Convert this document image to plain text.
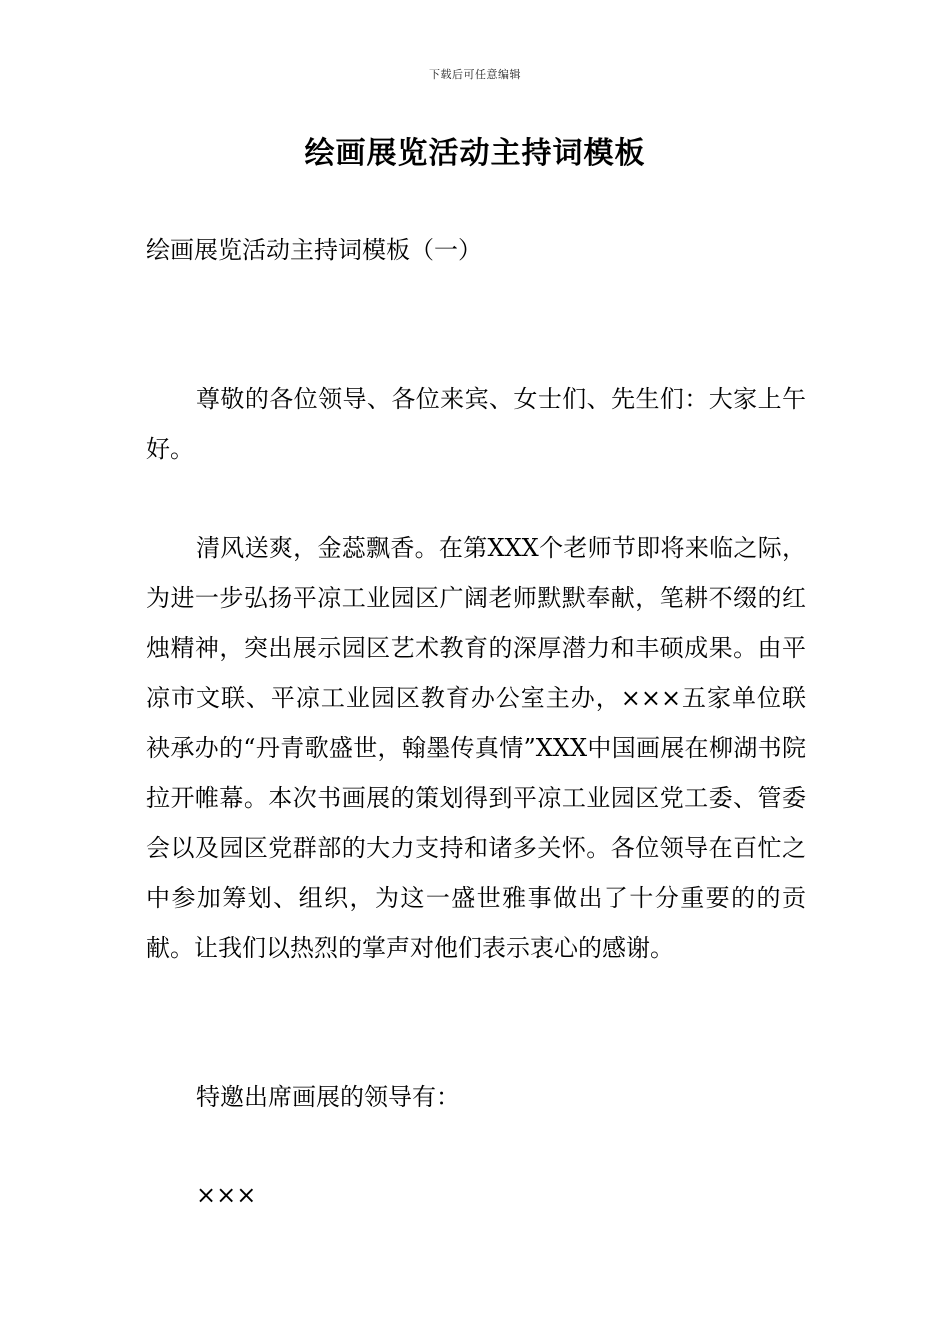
下载后可任意编辑
绘画展览活动主持词模板
绘画展览活动主持词模板（一）
尊敬的各位领导、各位来宾、女士们、先生们：大家上午好。
清风送爽，金蕊飘香。在第XXX个老师节即将来临之际，为进一步弘扬平凉工业园区广阔老师默默奉献，笔耕不缀的红烛精神，突出展示园区艺术教育的深厚潜力和丰硕成果。由平凉市文联、平凉工业园区教育办公室主办，×××五家单位联袂承办的“丹青歌盛世，翰墨传真情”XXX中国画展在柳湖书院拉开帷幕。本次书画展的策划得到平凉工业园区党工委、管委会以及园区党群部的大力支持和诸多关怀。各位领导在百忙之中参加筹划、组织，为这一盛世雅事做出了十分重要的的贡献。让我们以热烈的掌声对他们表示衷心的感谢。
特邀出席画展的领导有：
×××
